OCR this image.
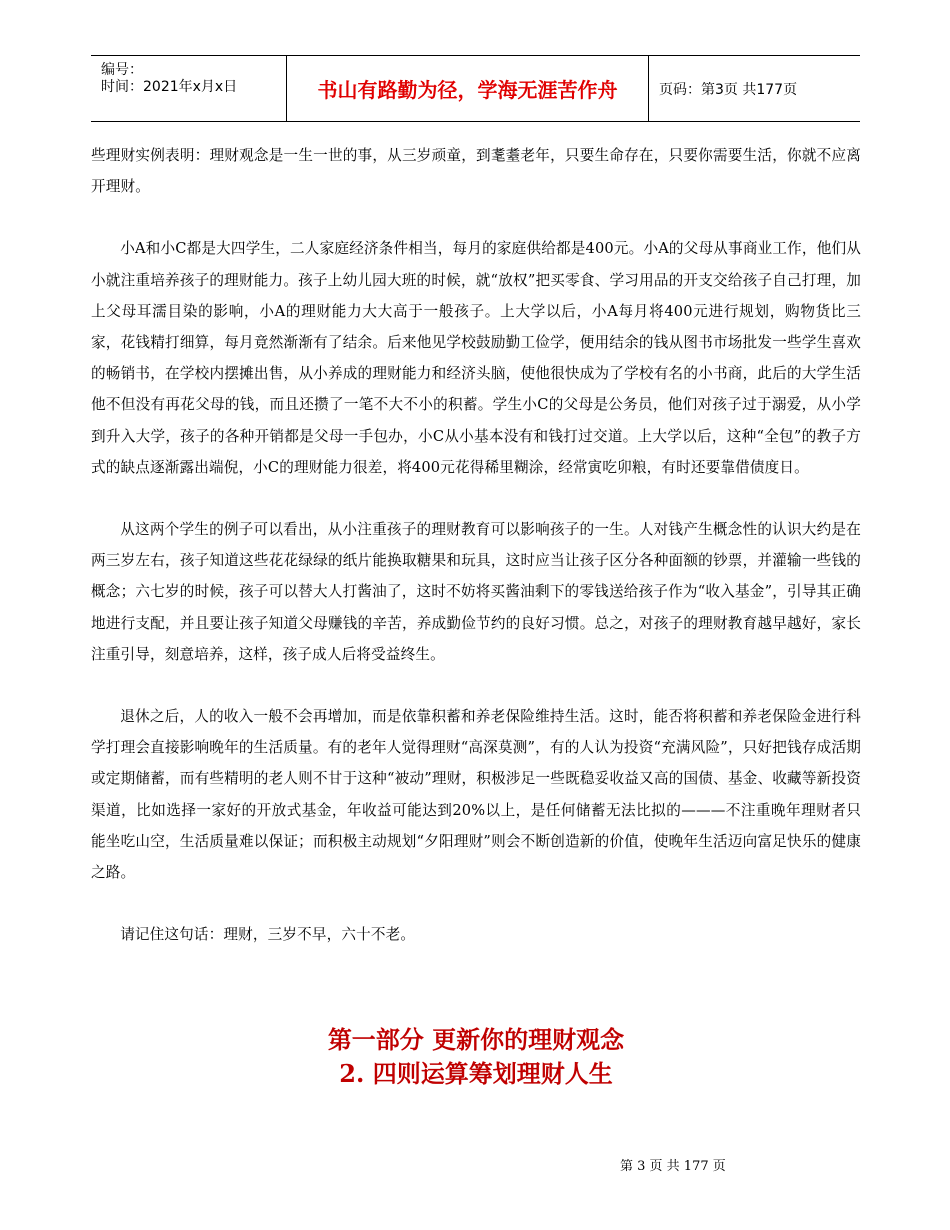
编号：
时间：2021年x月x日	书山有路勤为径，学海无涯苦作舟	页码：第3页 共177页

些理财实例表明：理财观念是一生一世的事，从三岁顽童，到耄耋老年，只要生命存在，只要你需要生活，你就不应离开理财。

小A和小C都是大四学生，二人家庭经济条件相当，每月的家庭供给都是400元。小A的父母从事商业工作，他们从小就注重培养孩子的理财能力。孩子上幼儿园大班的时候，就“放权”把买零食、学习用品的开支交给孩子自己打理，加上父母耳濡目染的影响，小A的理财能力大大高于一般孩子。上大学以后，小A每月将400元进行规划，购物货比三家，花钱精打细算，每月竟然渐渐有了结余。后来他见学校鼓励勤工俭学，便用结余的钱从图书市场批发一些学生喜欢的畅销书，在学校内摆摊出售，从小养成的理财能力和经济头脑，使他很快成为了学校有名的小书商，此后的大学生活他不但没有再花父母的钱，而且还攒了一笔不大不小的积蓄。学生小C的父母是公务员，他们对孩子过于溺爱，从小学到升入大学，孩子的各种开销都是父母一手包办，小C从小基本没有和钱打过交道。上大学以后，这种“全包”的教子方式的缺点逐渐露出端倪，小C的理财能力很差，将400元花得稀里糊涂，经常寅吃卯粮，有时还要靠借债度日。

从这两个学生的例子可以看出，从小注重孩子的理财教育可以影响孩子的一生。人对钱产生概念性的认识大约是在两三岁左右，孩子知道这些花花绿绿的纸片能换取糖果和玩具，这时应当让孩子区分各种面额的钞票，并灌输一些钱的概念；六七岁的时候，孩子可以替大人打酱油了，这时不妨将买酱油剩下的零钱送给孩子作为“收入基金”，引导其正确地进行支配，并且要让孩子知道父母赚钱的辛苦，养成勤俭节约的良好习惯。总之，对孩子的理财教育越早越好，家长注重引导，刻意培养，这样，孩子成人后将受益终生。

退休之后，人的收入一般不会再增加，而是依靠积蓄和养老保险维持生活。这时，能否将积蓄和养老保险金进行科学打理会直接影响晚年的生活质量。有的老年人觉得理财“高深莫测”，有的人认为投资“充满风险”，只好把钱存成活期或定期储蓄，而有些精明的老人则不甘于这种“被动”理财，积极涉足一些既稳妥收益又高的国债、基金、收藏等新投资渠道，比如选择一家好的开放式基金，年收益可能达到20%以上，是任何储蓄无法比拟的———不注重晚年理财者只能坐吃山空，生活质量难以保证；而积极主动规划“夕阳理财”则会不断创造新的价值，使晚年生活迈向富足快乐的健康之路。

请记住这句话：理财，三岁不早，六十不老。

第一部分 更新你的理财观念
2. 四则运算筹划理财人生
第 3 页 共 177 页
